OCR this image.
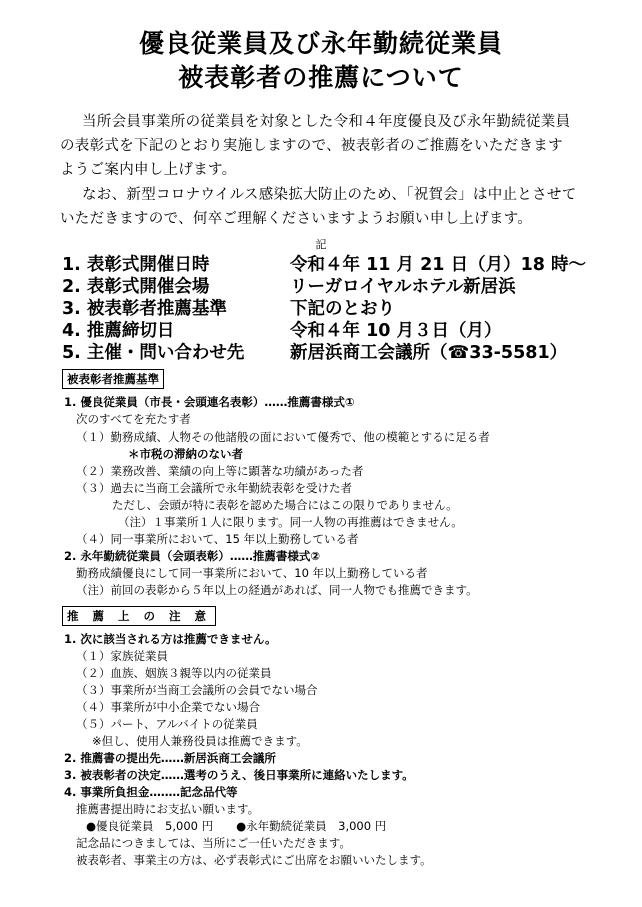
優良従業員及び永年勤続従業員
被表彰者の推薦について
当所会員事業所の従業員を対象とした令和４年度優良及び永年勤続従業員
の表彰式を下記のとおり実施しますので、被表彰者のご推薦をいただきます
ようご案内申し上げます。
なお、新型コロナウイルス感染拡大防止のため、「祝賀会」は中止とさせて
いただきますので、何卒ご理解くださいますようお願い申し上げます。
記
1. 表彰式開催日時	令和４年 11 月 21 日（月）18 時～
2. 表彰式開催会場	リーガロイヤルホテル新居浜
3. 被表彰者推薦基準	下記のとおり
4. 推薦締切日	令和４年 10 月３日（月）
5. 主催・問い合わせ先	新居浜商工会議所（☎33-5581）
被表彰者推薦基準
1. 優良従業員（市長・会頭連名表彰）‥‥‥推薦書様式①
次のすべてを充たす者
（１）勤務成績、人物その他諸般の面において優秀で、他の模範とするに足る者
＊市税の滞納のない者
（２）業務改善、業績の向上等に顕著な功績があった者
（３）過去に当商工会議所で永年勤続表彰を受けた者
ただし、会頭が特に表彰を認めた場合にはこの限りでありません。
（注）１事業所１人に限ります。同一人物の再推薦はできません。
（４）同一事業所において、15 年以上勤務している者
2. 永年勤続従業員（会頭表彰）‥‥‥推薦書様式②
勤務成績優良にして同一事業所において、10 年以上勤務している者
（注）前回の表彰から５年以上の経過があれば、同一人物でも推薦できます。
推 薦 上 の 注 意
1. 次に該当される方は推薦できません。
（１）家族従業員
（２）血族、姻族３親等以内の従業員
（３）事業所が当商工会議所の会員でない場合
（４）事業所が中小企業でない場合
（５）パート、アルバイトの従業員
※但し、使用人兼務役員は推薦できます。
2. 推薦書の提出先‥‥‥新居浜商工会議所
3. 被表彰者の決定‥‥‥選考のうえ、後日事業所に連絡いたします。
4. 事業所負担金‥‥‥‥記念品代等
推薦書提出時にお支払い願います。
●優良従業員　5,000 円　　●永年勤続従業員　3,000 円
記念品につきましては、当所にご一任いただきます。
被表彰者、事業主の方は、必ず表彰式にご出席をお願いいたします。
